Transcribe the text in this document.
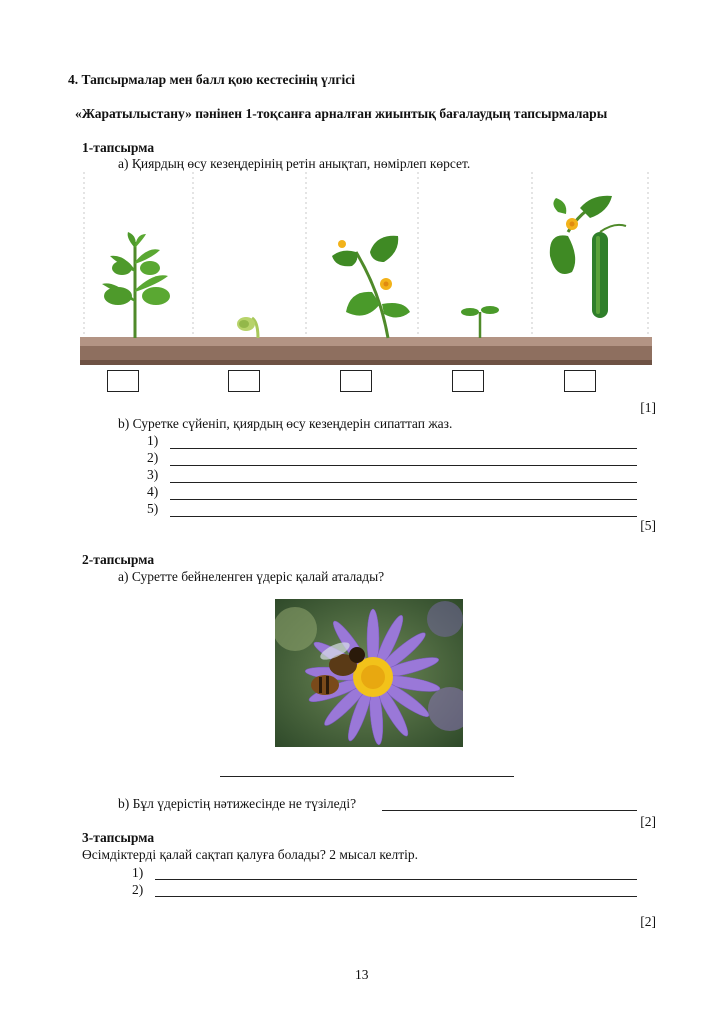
4. Тапсырмалар мен балл қою кестесінің үлгісі
«Жаратылыстану» пәнінен 1-тоқсанға арналған жиынтық бағалаудың тапсырмалары
1-тапсырма
а) Қиярдың өсу кезеңдерінің ретін анықтап, нөмірлеп көрсет.
[1]
b) Суретке сүйеніп, қиярдың өсу кезеңдерін сипаттап жаз.
1)
2)
3)
4)
5)
[5]
2-тапсырма
а) Суретте бейнеленген үдеріс қалай аталады?
b) Бұл үдерістің нәтижесінде не түзіледі?
[2]
3-тапсырма
Өсімдіктерді қалай сақтап қалуға болады? 2 мысал келтір.
1)
2)
[2]
13
